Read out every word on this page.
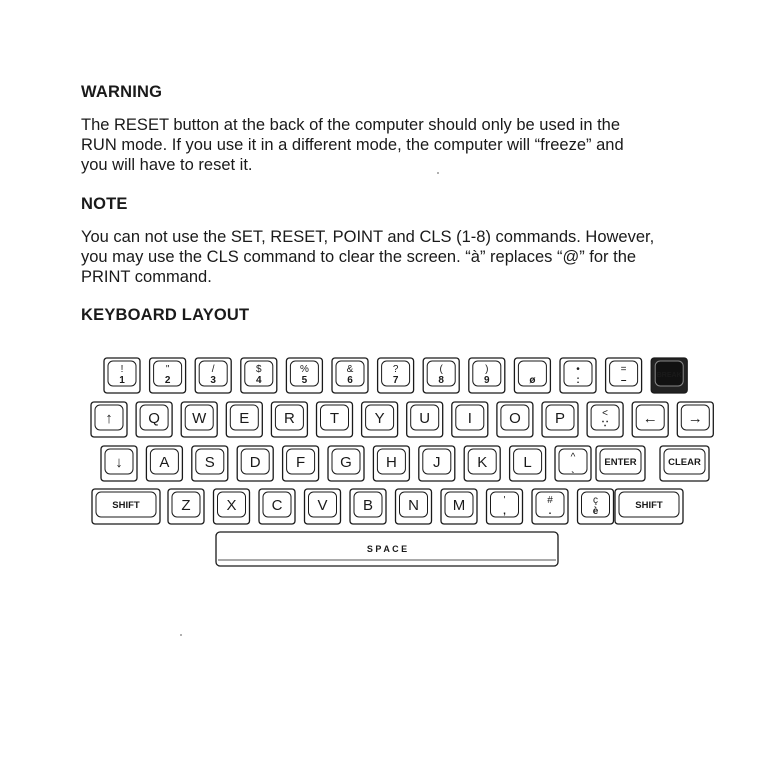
WARNING
The RESET button at the back of the computer should only be used in the
RUN mode. If you use it in a different mode, the computer will “freeze” and
you will have to reset it.
NOTE
You can not use the SET, RESET, POINT and CLS (1-8) commands. However,
you may use the CLS command to clear the screen. “à” replaces “@” for the
PRINT command.
KEYBOARD LAYOUT
!
1
"
2
/
3
$
4
%
5
&
6
?
7
(
8
)
9	ø
•
:
=
–	BREAK
↑ Q W E R T Y U	I O P	<
∵ ← →
↓ A S D F G H J K L	^
ˎ
ENTER	CLEAR
SHIFT	Z X C V B N M	'
,
#
.
ç
è
SHIFT
S P A C E
